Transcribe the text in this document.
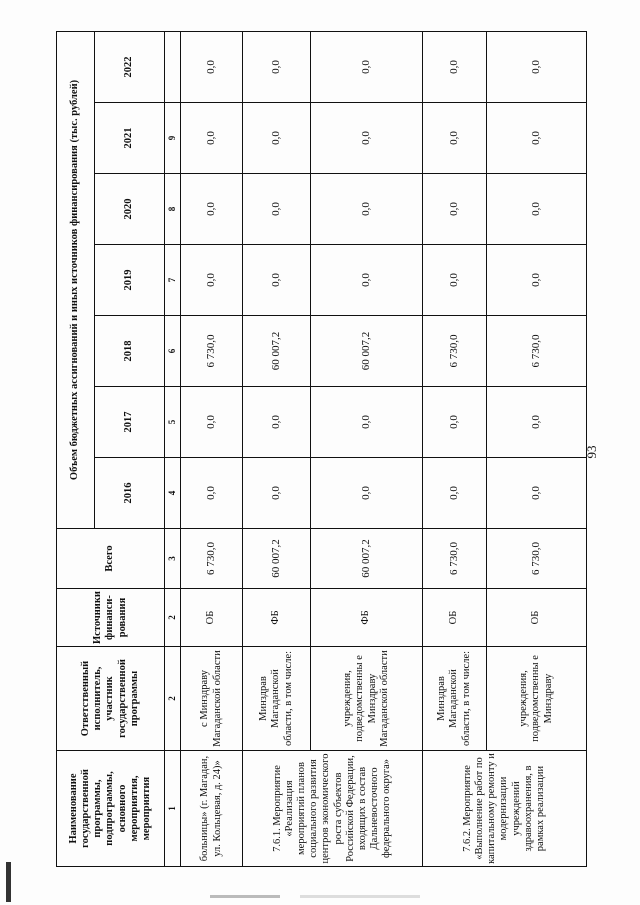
93
Наименование государственной программы, подпрограммы, основного мероприятия, мероприятия	Ответственный исполнитель, участник государственной программы	Источники финанси-рования	Всего	Объем бюджетных ассигнований и иных источников финансирования (тыс. рублей)						
				2016	2017	2018	2019	2020	2021	2022
1	2	2	3	4	5	6	7	8	9	
больницы» (г. Магадан, ул. Кольцевая, д. 24)»	с Минздраву Магаданской области	ОБ	6 730,0	0,0	0,0	6 730,0	0,0	0,0	0,0	0,0
7.6.1. Мероприятие «Реализация мероприятий планов социального развития центров экономического роста субъектов Российской Федерации, входящих в состав Дальневосточного федерального округа»	Минздрав Магаданской области, в том числе:	ФБ	60 007,2	0,0	0,0	60 007,2	0,0	0,0	0,0	0,0
	учреждения, подведомственны е Минздраву Магаданской области	ФБ	60 007,2	0,0	0,0	60 007,2	0,0	0,0	0,0	0,0
7.6.2. Мероприятие «Выполнение работ по капитальному ремонту и модернизации учреждений здравоохранения, в рамках реализации	Минздрав Магаданской области, в том числе:	ОБ	6 730,0	0,0	0,0	6 730,0	0,0	0,0	0,0	0,0
	учреждения, подведомственны е Минздраву	ОБ	6 730,0	0,0	0,0	6 730,0	0,0	0,0	0,0	0,0
